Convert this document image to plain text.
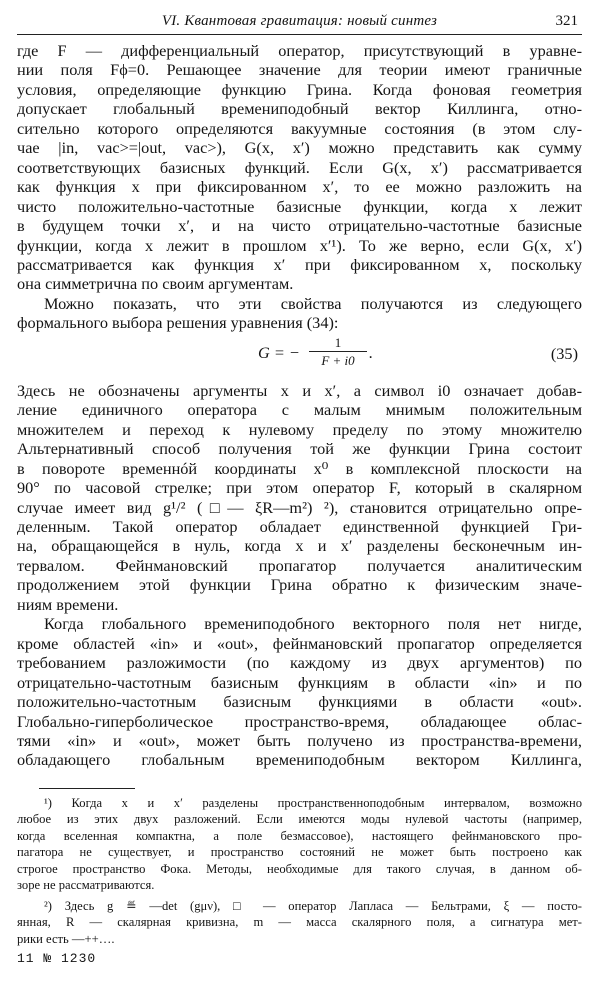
VI. Квантовая гравитация: новый синтез	321

где F — дифференциальный оператор, присутствующий в уравне-

нии поля Fϕ=0. Решающее значение для теории имеют граничные

условия, определяющие функцию Грина. Когда фоновая геометрия

допускает глобальный времениподобный вектор Киллинга, отно-

сительно которого определяются вакуумные состояния (в этом слу-

чае |in, vac>=|out, vac>), G(x, x′) можно представить как сумму

соответствующих базисных функций. Если G(x, x′) рассматривается

как функция x при фиксированном x′, то ее можно разложить на

чисто положительно-частотные базисные функции, когда x лежит

в будущем точки x′, и на чисто отрицательно-частотные базисные

функции, когда x лежит в прошлом x′¹). То же верно, если G(x, x′)

рассматривается как функция x′ при фиксированном x, поскольку

она симметрична по своим аргументам.

Можно показать, что эти свойства получаются из следующего

формального выбора решения уравнения (34):

G = −
1
F + i0 .	(35)

Здесь не обозначены аргументы x и x′, а символ i0 означает добав-

ление единичного оператора с малым мнимым положительным

множителем и переход к нулевому пределу по этому множителю

Альтернативный способ получения той же функции Грина состоит

в повороте временнóй координаты x⁰ в комплексной плоскости на

90° по часовой стрелке; при этом оператор F, который в скалярном

случае имеет вид g¹/² (□— ξR—m²) ²), становится отрицательно опре-

деленным. Такой оператор обладает единственной функцией Гри-

на, обращающейся в нуль, когда x и x′ разделены бесконечным ин-

тервалом. Фейнмановский пропагатор получается аналитическим

продолжением этой функции Грина обратно к физическим значе-

ниям времени.

Когда глобального времениподобного векторного поля нет нигде,

кроме областей «in» и «out», фейнмановский пропагатор определяется

требованием разложимости (по каждому из двух аргументов) по

отрицательно-частотным базисным функциям в области «in» и по

положительно-частотным базисным функциями в области «out».

Глобально-гиперболическое пространство-время, обладающее облас-

тями «in» и «out», может быть получено из пространства-времени,

обладающего глобальным времениподобным вектором Киллинга,

¹) Когда x и x′ разделены пространственноподобным интервалом, возможно

любое из этих двух разложений. Если имеются моды нулевой частоты (например,

когда вселенная компактна, а поле безмассовое), настоящего фейнмановского про-

пагатора не существует, и пространство состояний не может быть построено как

строгое пространство Фока. Методы, необходимые для такого случая, в данном об-

зоре не рассматриваются.

²) Здесь g ≝ —det (gμν), □ — оператор Лапласа — Бельтрами, ξ — посто-

янная, R — скалярная кривизна, m — масса скалярного поля, а сигнатура мет-

рики есть —++….

11 № 1230
